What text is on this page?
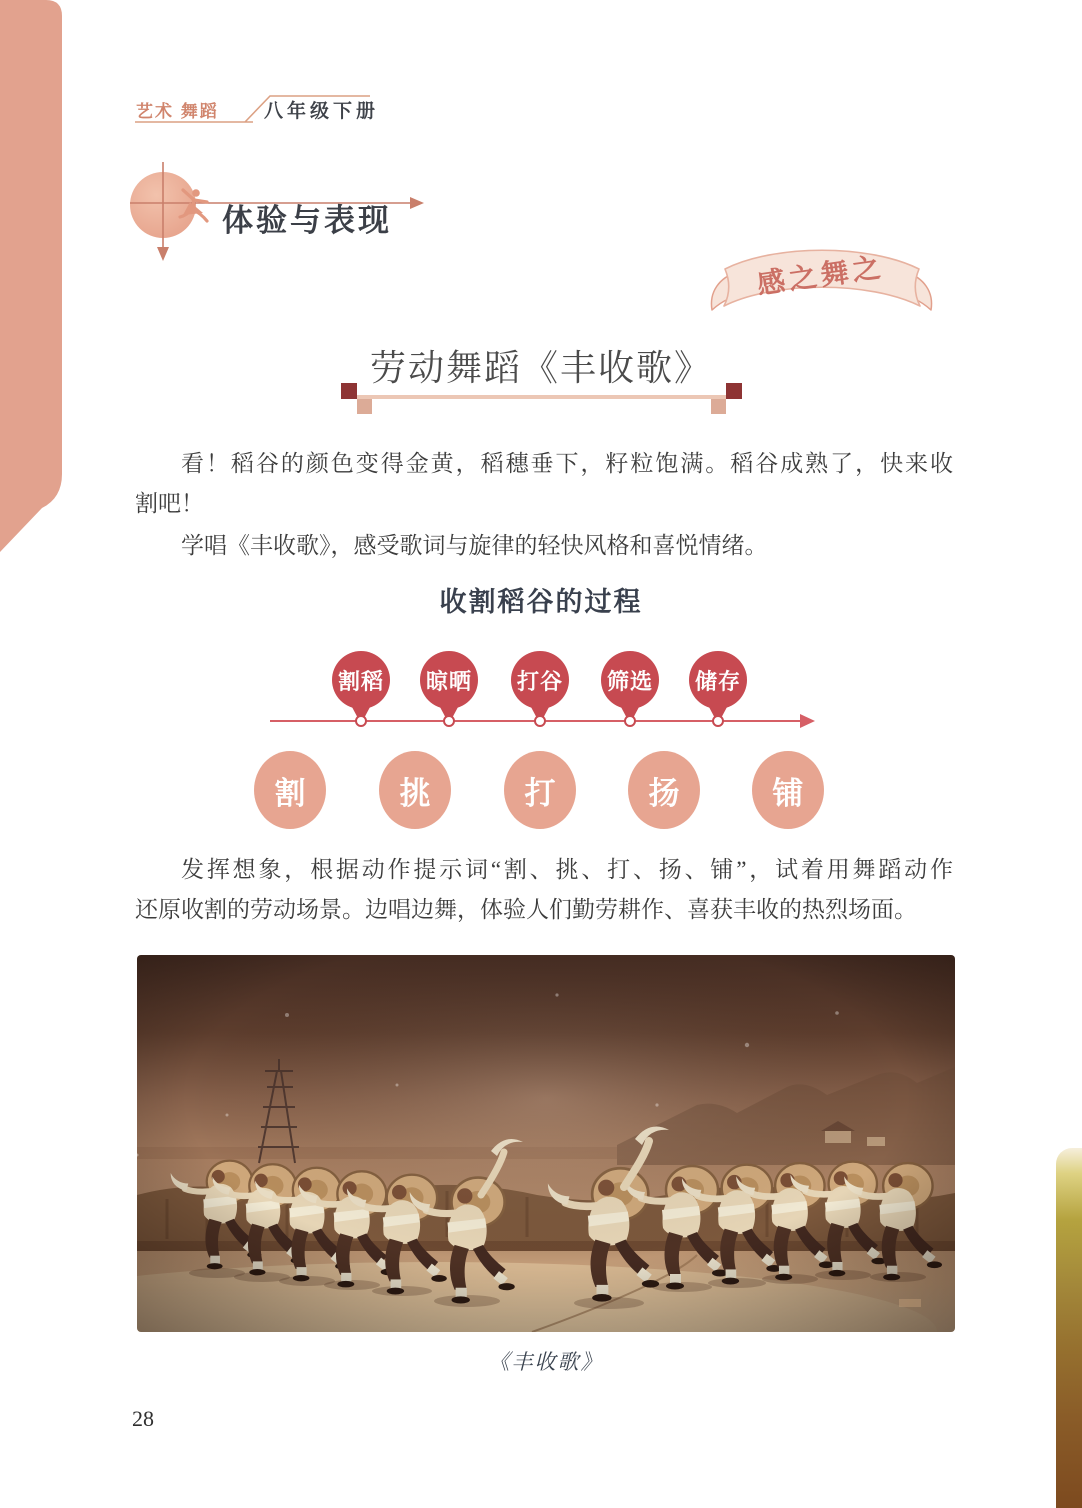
艺术 舞蹈 八年级下册
体验与表现
感之舞之
劳动舞蹈《丰收歌》
看！稻谷的颜色变得金黄，稻穗垂下，籽粒饱满。稻谷成熟了，快来收
割吧！
学唱《丰收歌》，感受歌词与旋律的轻快风格和喜悦情绪。
收割稻谷的过程
割稻 晾晒 打谷 筛选 储存
割	挑	打	扬	铺
发挥想象，根据动作提示词“割、挑、打、扬、铺”，试着用舞蹈动作
还原收割的劳动场景。边唱边舞，体验人们勤劳耕作、喜获丰收的热烈场面。
《丰收歌》
28
